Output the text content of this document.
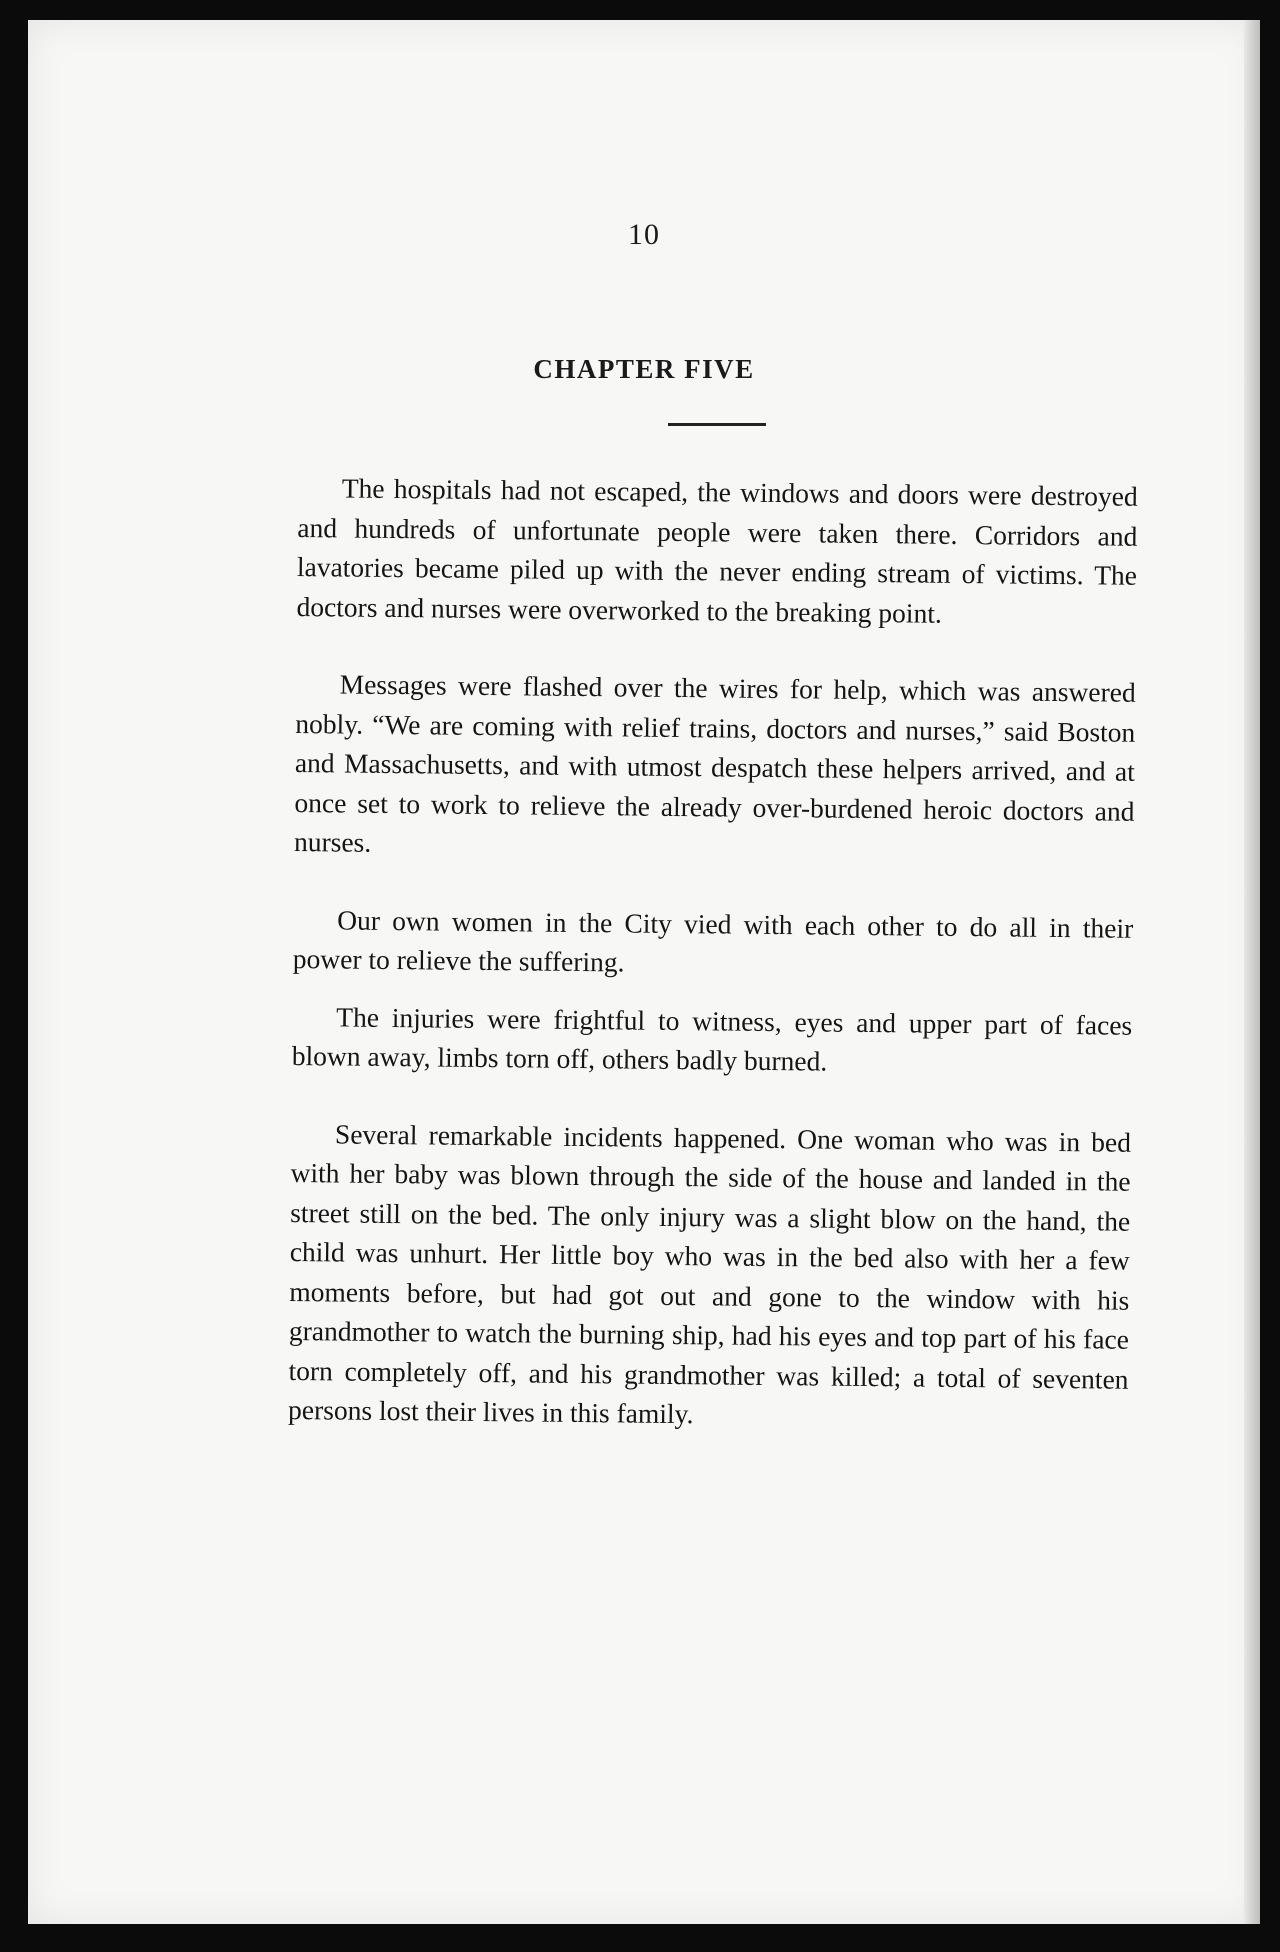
10
CHAPTER FIVE

The hospitals had not escaped, the windows and doors were destroyed and hundreds of unfortunate people were taken there. Corridors and lavatories became piled up with the never ending stream of victims. The doctors and nurses were overworked to the breaking point.

Messages were flashed over the wires for help, which was answered nobly. “We are coming with relief trains, doctors and nurses,” said Boston and Massachusetts, and with utmost despatch these helpers arrived, and at once set to work to relieve the already over-burdened heroic doctors and nurses.

Our own women in the City vied with each other to do all in their power to relieve the suffering.

The injuries were frightful to witness, eyes and upper part of faces blown away, limbs torn off, others badly burned.

Several remarkable incidents happened. One woman who was in bed with her baby was blown through the side of the house and landed in the street still on the bed. The only injury was a slight blow on the hand, the child was unhurt. Her little boy who was in the bed also with her a few moments before, but had got out and gone to the window with his grandmother to watch the burning ship, had his eyes and top part of his face torn completely off, and his grandmother was killed; a total of seventen persons lost their lives in this family.
